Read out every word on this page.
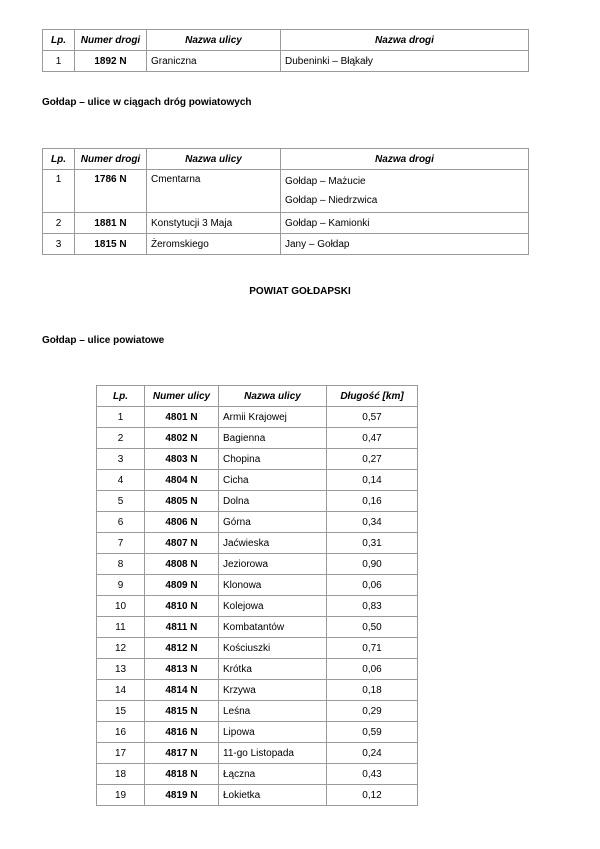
Lp.	Numer drogi	Nazwa ulicy	Nazwa drogi
1	1892 N	Graniczna	Dubeninki – Błąkały
Gołdap – ulice w ciągach dróg powiatowych
Lp.	Numer drogi	Nazwa ulicy	Nazwa drogi
1	1786 N	Cmentarna	Gołdap – Mażucie
Gołdap – Niedrzwica

2	1881 N	Konstytucji 3 Maja	Gołdap – Kamionki
3	1815 N	Żeromskiego	Jany – Gołdap
POWIAT GOŁDAPSKI
Gołdap – ulice powiatowe
Lp.	Numer ulicy	Nazwa ulicy	Długość [km]
1	4801 N	Armii Krajowej	0,57
2	4802 N	Bagienna	0,47
3	4803 N	Chopina	0,27
4	4804 N	Cicha	0,14
5	4805 N	Dolna	0,16
6	4806 N	Górna	0,34
7	4807 N	Jaćwieska	0,31
8	4808 N	Jeziorowa	0,90
9	4809 N	Klonowa	0,06
10	4810 N	Kolejowa	0,83
11	4811 N	Kombatantów	0,50
12	4812 N	Kościuszki	0,71
13	4813 N	Krótka	0,06
14	4814 N	Krzywa	0,18
15	4815 N	Leśna	0,29
16	4816 N	Lipowa	0,59
17	4817 N	11-go Listopada	0,24
18	4818 N	Łączna	0,43
19	4819 N	Łokietka	0,12
